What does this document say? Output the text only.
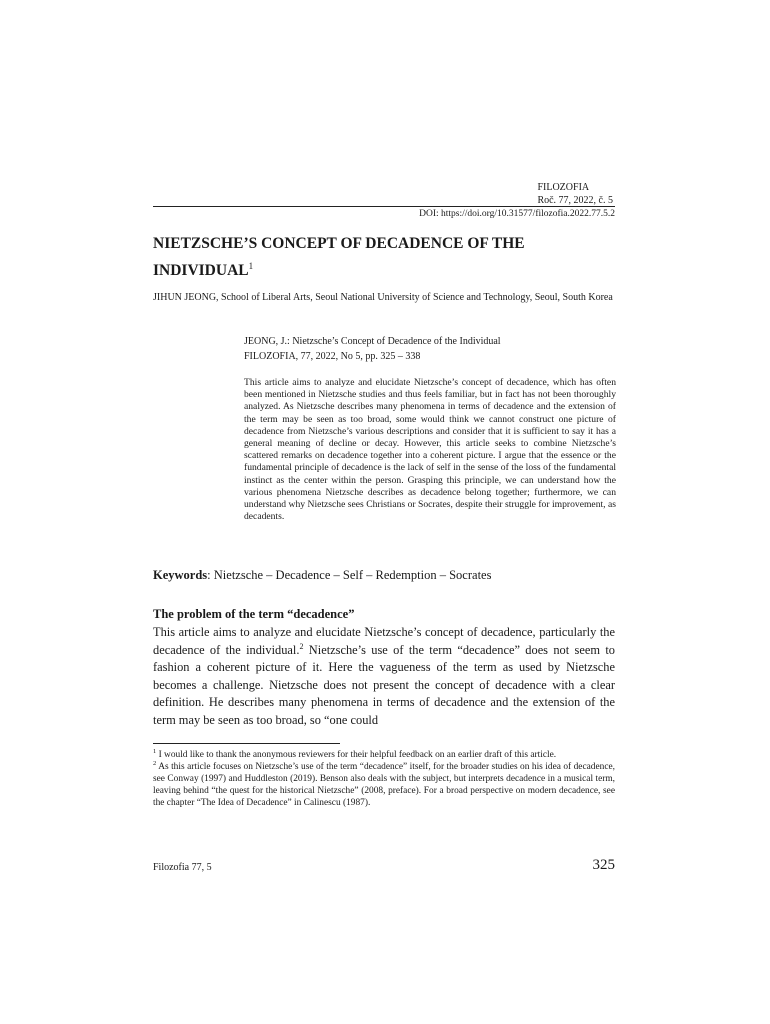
FILOZOFIA
Roč. 77, 2022, č. 5
DOI: https://doi.org/10.31577/filozofia.2022.77.5.2
NIETZSCHE’S CONCEPT OF DECADENCE OF THE INDIVIDUAL$^1$
JIHUN JEONG, School of Liberal Arts, Seoul National University of Science and Technology, Seoul, South Korea
JEONG, J.: Nietzsche’s Concept of Decadence of the Individual
FILOZOFIA, 77, 2022, No 5, pp. 325 – 338
This article aims to analyze and elucidate Nietzsche’s concept of decadence, which has often been mentioned in Nietzsche studies and thus feels familiar, but in fact has not been thoroughly analyzed. As Nietzsche describes many phenomena in terms of decadence and the extension of the term may be seen as too broad, some would think we cannot construct one picture of decadence from Nietzsche’s various descriptions and consider that it is sufficient to say it has a general meaning of decline or decay. However, this article seeks to combine Nietzsche’s scattered remarks on decadence together into a coherent picture. I argue that the essence or the fundamental principle of decadence is the lack of self in the sense of the loss of the fundamental instinct as the center within the person. Grasping this principle, we can understand how the various phenomena Nietzsche describes as decadence belong together; furthermore, we can understand why Nietzsche sees Christians or Socrates, despite their struggle for improvement, as decadents.
Keywords: Nietzsche – Decadence – Self – Redemption – Socrates
The problem of the term “decadence”

This article aims to analyze and elucidate Nietzsche’s concept of decadence, particularly the decadence of the individual.$^2$ Nietzsche’s use of the term “decadence” does not seem to fashion a coherent picture of it. Here the vagueness of the term as used by Nietzsche becomes a challenge. Nietzsche does not present the concept of decadence with a clear definition. He describes many phenomena in terms of decadence and the extension of the term may be seen as too broad, so “one could

$^1$ I would like to thank the anonymous reviewers for their helpful feedback on an earlier draft of this article.

$^2$ As this article focuses on Nietzsche’s use of the term “decadence” itself, for the broader studies on his idea of decadence, see Conway (1997) and Huddleston (2019). Benson also deals with the subject, but interprets decadence in a musical term, leaving behind “the quest for the historical Nietzsche” (2008, preface). For a broad perspective on modern decadence, see the chapter “The Idea of Decadence” in Calinescu (1987).

Filozofia 77, 5	325
